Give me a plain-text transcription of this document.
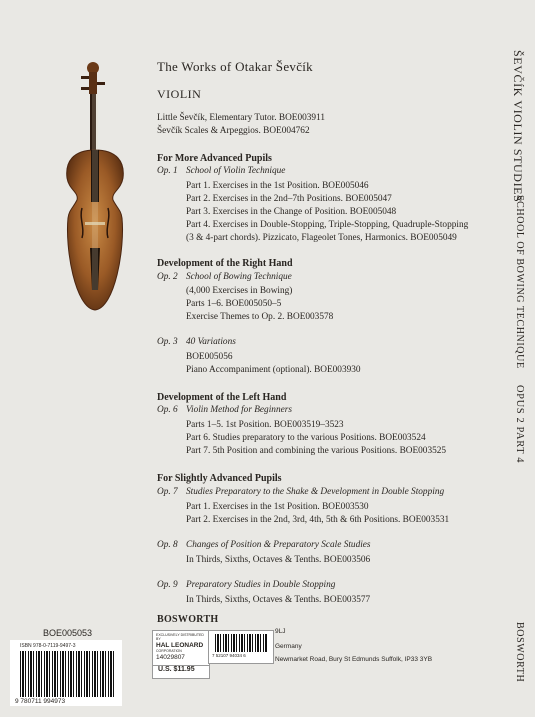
The Works of Otakar Ševčík
VIOLIN
Little Ševčík, Elementary Tutor. BOE003911
Ševčík Scales & Arpeggios. BOE004762
For More Advanced Pupils
Op. 1 School of Violin Technique
Part 1. Exercises in the 1st Position. BOE005046
Part 2. Exercises in the 2nd–7th Positions. BOE005047
Part 3. Exercises in the Change of Position. BOE005048
Part 4. Exercises in Double-Stopping, Triple-Stopping, Quadruple-Stopping
(3 & 4-part chords). Pizzicato, Flageolet Tones, Harmonics. BOE005049
Development of the Right Hand
Op. 2 School of Bowing Technique
(4,000 Exercises in Bowing)
Parts 1–6. BOE005050–5
Exercise Themes to Op. 2. BOE003578
Op. 3 40 Variations
BOE005056
Piano Accompaniment (optional). BOE003930
Development of the Left Hand
Op. 6 Violin Method for Beginners
Parts 1–5. 1st Position. BOE003519–3523
Part 6. Studies preparatory to the various Positions. BOE003524
Part 7. 5th Position and combining the various Positions. BOE003525
For Slightly Advanced Pupils
Op. 7 Studies Preparatory to the Shake & Development in Double Stopping
Part 1. Exercises in the 1st Position. BOE003530
Part 2. Exercises in the 2nd, 3rd, 4th, 5th & 6th Positions. BOE003531
Op. 8 Changes of Position & Preparatory Scale Studies
In Thirds, Sixths, Octaves & Tenths. BOE003506
Op. 9 Preparatory Studies in Double Stopping
In Thirds, Sixths, Octaves & Tenths. BOE003577
ŠEVČÍK VIOLIN STUDIES
SCHOOL OF BOWING TECHNIQUE
OPUS 2 PART 4
BOSWORTH
BOE005053
ISBN 978-0-7119-9497-3
9 780711 994973
BOSWORTH
9LJ
Germany
Newmarket Road, Bury St Edmunds Suffolk, IP33 3YB
EXCLUSIVELY DISTRIBUTED BY
HAL LEONARD
CORPORATION
14029807
U.S. $11.95
7 52107 94034 6
